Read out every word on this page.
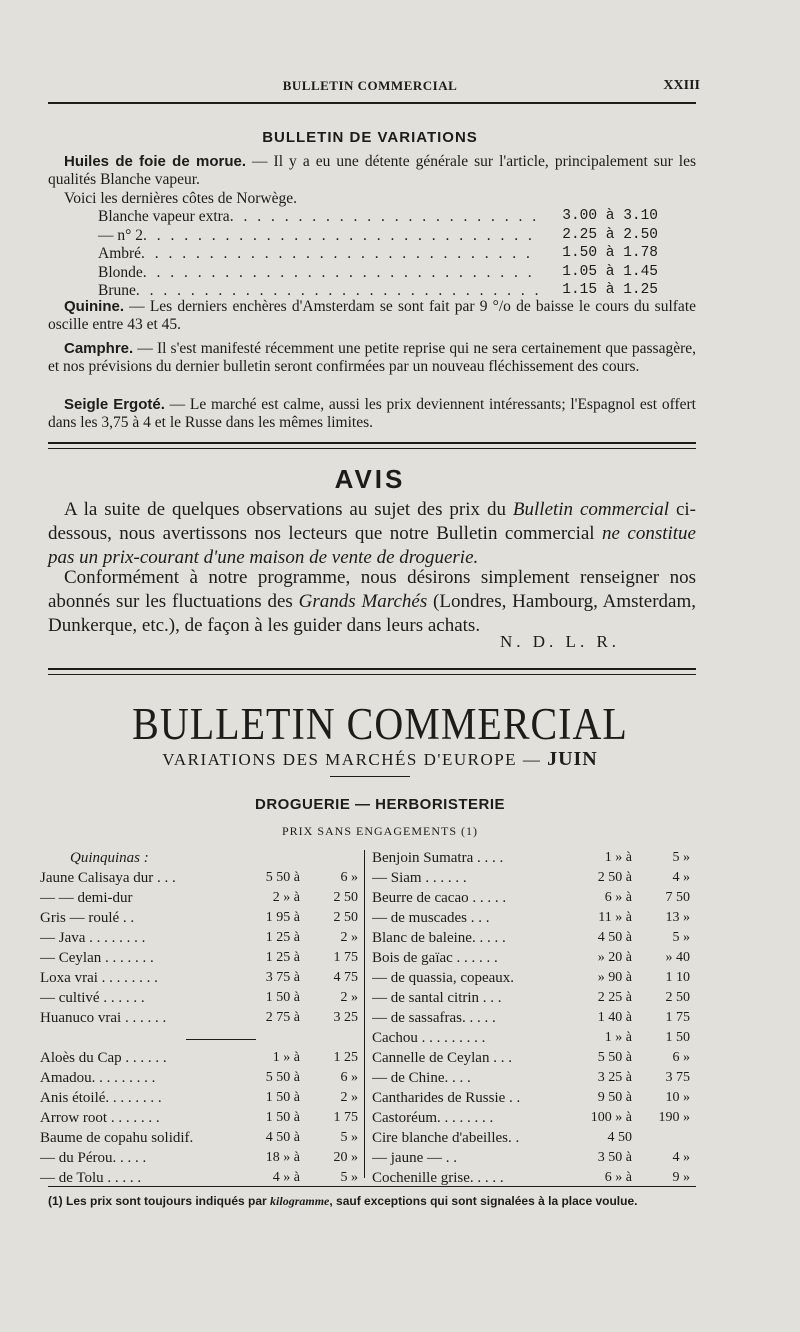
BULLETIN COMMERCIAL	XXIII
BULLETIN DE VARIATIONS
Huiles de foie de morue. — Il y a eu une détente générale sur l'article, principalement sur les qualités Blanche vapeur.
Voici les dernières côtes de Norwège.
Blanche vapeur extra . . .	3.00 à 3.10
— n° 2 . . .	2.25 à 2.50
Ambré . . .	1.50 à 1.78
Blonde . . .	1.05 à 1.45
Brune . . .	1.15 à 1.25
Quinine. — Les derniers enchères d'Amsterdam se sont fait par 9 °/o de baisse le cours du sulfate oscille entre 43 et 45.
Camphre. — Il s'est manifesté récemment une petite reprise qui ne sera certainement que passagère, et nos prévisions du dernier bulletin seront confirmées par un nouveau fléchissement des cours.
Seigle Ergoté. — Le marché est calme, aussi les prix deviennent intéressants; l'Espagnol est offert dans les 3,75 à 4 et le Russe dans les mêmes limites.
AVIS
A la suite de quelques observations au sujet des prix du Bulletin commercial ci-dessous, nous avertissons nos lecteurs que notre Bulletin commercial ne constitue pas un prix-courant d'une maison de vente de droguerie.
Conformément à notre programme, nous désirons simplement renseigner nos abonnés sur les fluctuations des Grands Marchés (Londres, Hambourg, Amsterdam, Dunkerque, etc.), de façon à les guider dans leurs achats.
N. D. L. R.
BULLETIN COMMERCIAL
VARIATIONS DES MARCHÉS D'EUROPE — JUIN
DROGUERIE — HERBORISTERIE
PRIX SANS ENGAGEMENTS (1)
Quinquinas :
Jaune Calisaya dur . . .	5 50 à	6 »
— — demi-dur	2 » à	2 50
Gris — roulé . .	1 95 à	2 50
— Java . . . . . . . .	1 25 à	2 »
— Ceylan . . . . . . .	1 25 à	1 75
Loxa vrai . . . . . . . .	3 75 à	4 75
— cultivé . . . . . .	1 50 à	2 »
Huanuco vrai . . . . . .	2 75 à	3 25
Aloès du Cap . . . . . .	1 » à	1 25
Amadou. . . . . . . . .	5 50 à	6 »
Anis étoilé. . . . . . . .	1 50 à	2 »
Arrow root . . . . . . .	1 50 à	1 75
Baume de copahu solidif.	4 50 à	5 »
— du Pérou. . . . .	18 » à	20 »
— de Tolu . . . . .	4 » à	5 »
Benjoin Sumatra . . . .	1 » à	5 »
— Siam . . . . . .	2 50 à	4 »
Beurre de cacao . . . . .	6 » à	7 50
— de muscades . . .	11 » à	13 »
Blanc de baleine. . . . .	4 50 à	5 »
Bois de gaïac . . . . . .	» 20 à	» 40
— de quassia, copeaux.	» 90 à	1 10
— de santal citrin . . .	2 25 à	2 50
— de sassafras. . . . .	1 40 à	1 75
Cachou . . . . . . . . .	1 » à	1 50
Cannelle de Ceylan . . .	5 50 à	6 »
— de Chine. . . .	3 25 à	3 75
Cantharides de Russie . .	9 50 à	10 »
Castoréum. . . . . . . .	100 » à	190 »
Cire blanche d'abeilles. .	4 50
— jaune — . .	3 50 à	4 »
Cochenille grise. . . . .	6 » à	9 »
(1) Les prix sont toujours indiqués par kilogramme, sauf exceptions qui sont signalées à la place voulue.
